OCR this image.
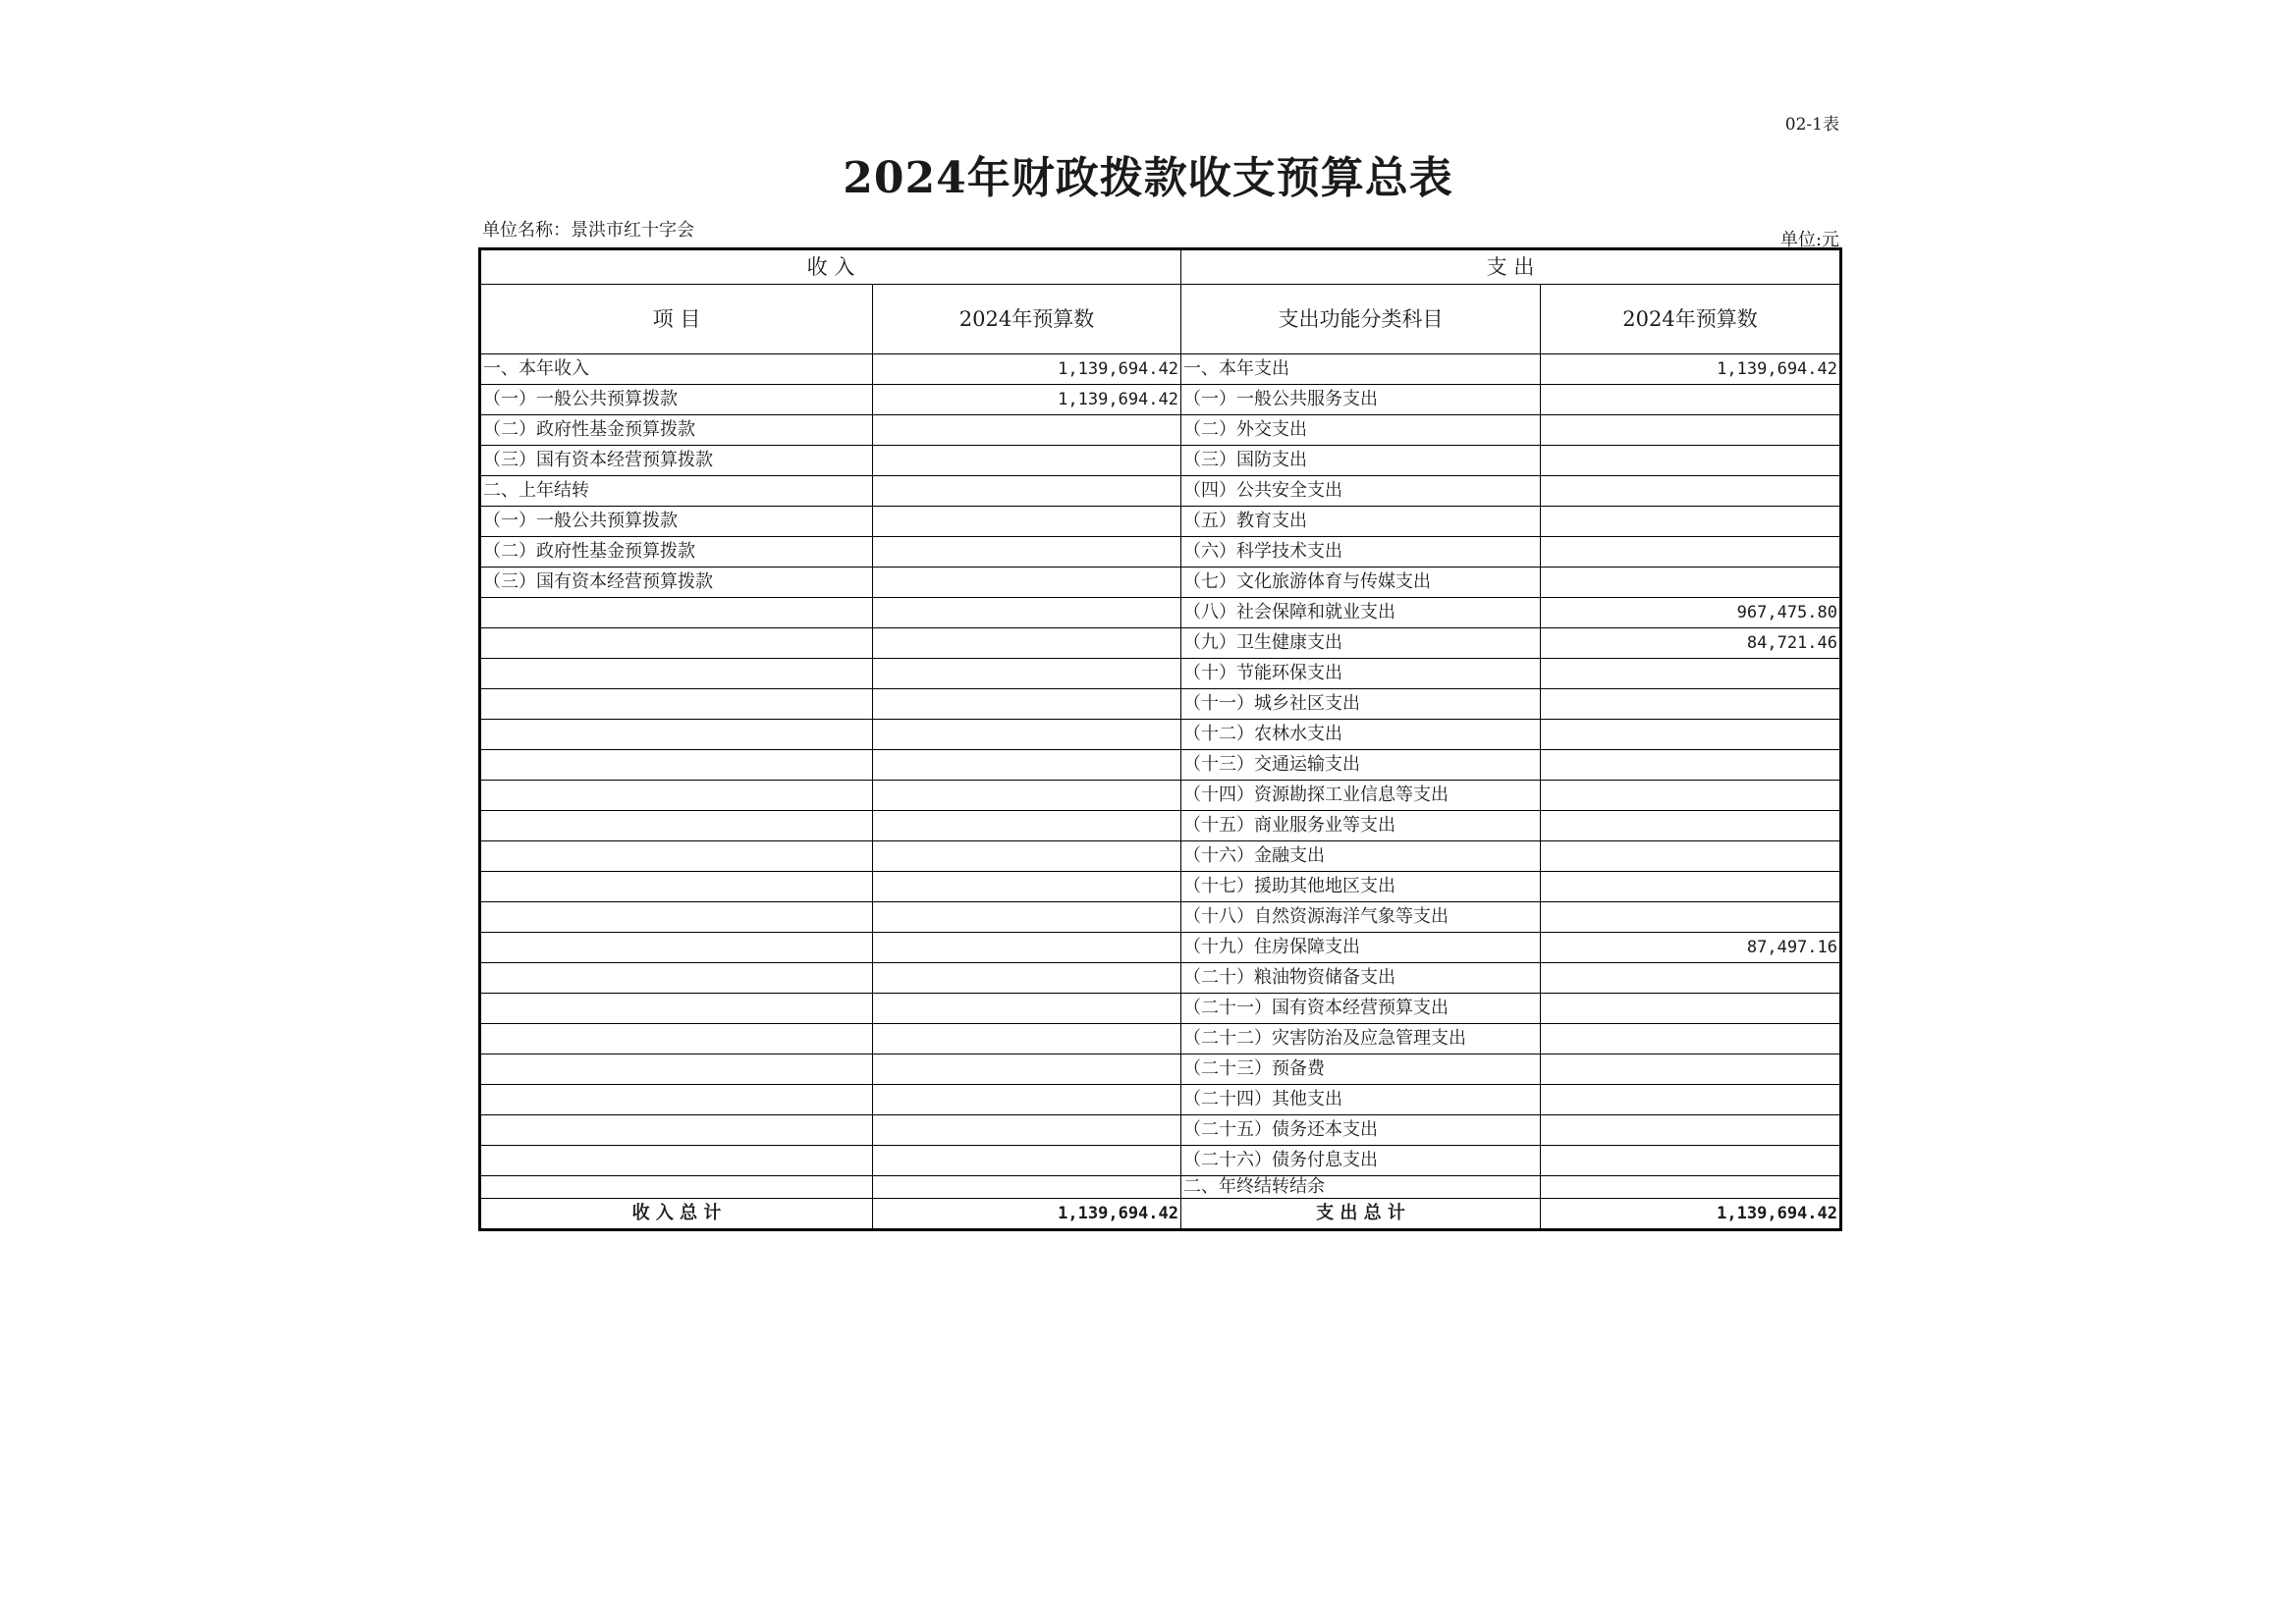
02-1表
2024年财政拨款收支预算总表
单位名称：景洪市红十字会	单位:元
收 入		支 出	
项 目	2024年预算数	支出功能分类科目	2024年预算数
一、本年收入	1,139,694.42	一、本年支出	1,139,694.42
（一）一般公共预算拨款	1,139,694.42	（一）一般公共服务支出	
（二）政府性基金预算拨款		（二）外交支出	
（三）国有资本经营预算拨款		（三）国防支出	
二、上年结转		（四）公共安全支出	
（一）一般公共预算拨款		（五）教育支出	
（二）政府性基金预算拨款		（六）科学技术支出	
（三）国有资本经营预算拨款		（七）文化旅游体育与传媒支出	
		（八）社会保障和就业支出	967,475.80
		（九）卫生健康支出	84,721.46
		（十）节能环保支出	
		（十一）城乡社区支出	
		（十二）农林水支出	
		（十三）交通运输支出	
		（十四）资源勘探工业信息等支出	
		（十五）商业服务业等支出	
		（十六）金融支出	
		（十七）援助其他地区支出	
		（十八）自然资源海洋气象等支出	
		（十九）住房保障支出	87,497.16
		（二十）粮油物资储备支出	
		（二十一）国有资本经营预算支出	
		（二十二）灾害防治及应急管理支出	
		（二十三）预备费	
		（二十四）其他支出	
		（二十五）债务还本支出	
		（二十六）债务付息支出	
		二、年终结转结余	
收 入 总 计	1,139,694.42	支 出 总 计	1,139,694.42
